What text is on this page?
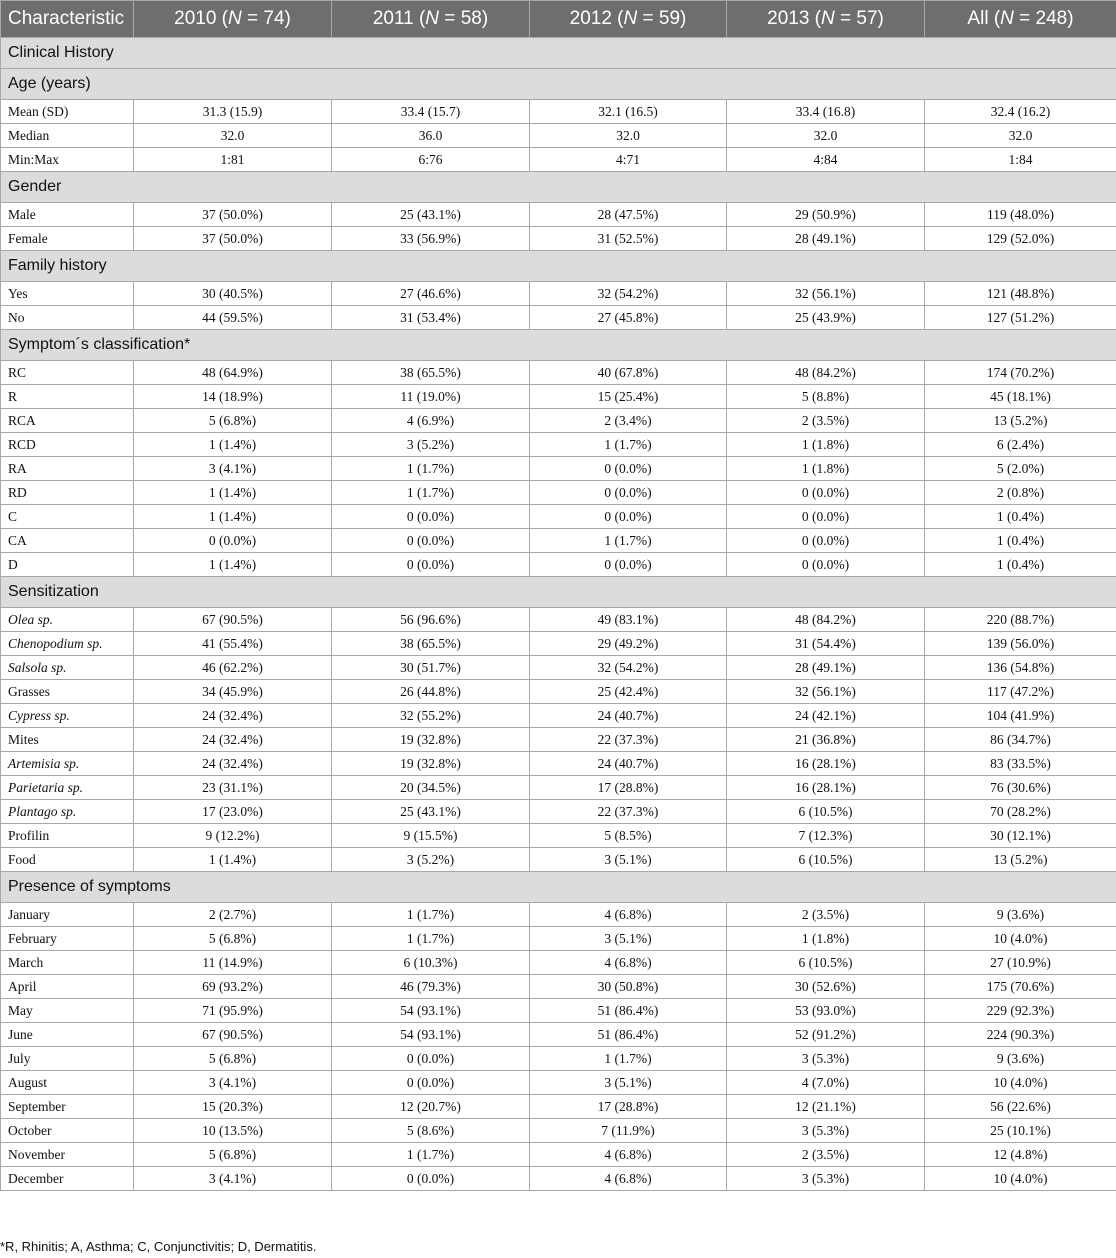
Characteristic	2010 (N = 74)	2011 (N = 58)	2012 (N = 59)	2013 (N = 57)	All (N = 248)
Clinical History					
Age (years)					
Mean (SD)	31.3 (15.9)	33.4 (15.7)	32.1 (16.5)	33.4 (16.8)	32.4 (16.2)
Median	32.0	36.0	32.0	32.0	32.0
Min:Max	1:81	6:76	4:71	4:84	1:84
Gender					
Male	37 (50.0%)	25 (43.1%)	28 (47.5%)	29 (50.9%)	119 (48.0%)
Female	37 (50.0%)	33 (56.9%)	31 (52.5%)	28 (49.1%)	129 (52.0%)
Family history					
Yes	30 (40.5%)	27 (46.6%)	32 (54.2%)	32 (56.1%)	121 (48.8%)
No	44 (59.5%)	31 (53.4%)	27 (45.8%)	25 (43.9%)	127 (51.2%)
Symptom´s classification*					
RC	48 (64.9%)	38 (65.5%)	40 (67.8%)	48 (84.2%)	174 (70.2%)
R	14 (18.9%)	11 (19.0%)	15 (25.4%)	5 (8.8%)	45 (18.1%)
RCA	5 (6.8%)	4 (6.9%)	2 (3.4%)	2 (3.5%)	13 (5.2%)
RCD	1 (1.4%)	3 (5.2%)	1 (1.7%)	1 (1.8%)	6 (2.4%)
RA	3 (4.1%)	1 (1.7%)	0 (0.0%)	1 (1.8%)	5 (2.0%)
RD	1 (1.4%)	1 (1.7%)	0 (0.0%)	0 (0.0%)	2 (0.8%)
C	1 (1.4%)	0 (0.0%)	0 (0.0%)	0 (0.0%)	1 (0.4%)
CA	0 (0.0%)	0 (0.0%)	1 (1.7%)	0 (0.0%)	1 (0.4%)
D	1 (1.4%)	0 (0.0%)	0 (0.0%)	0 (0.0%)	1 (0.4%)
Sensitization					
Olea sp.	67 (90.5%)	56 (96.6%)	49 (83.1%)	48 (84.2%)	220 (88.7%)
Chenopodium sp.	41 (55.4%)	38 (65.5%)	29 (49.2%)	31 (54.4%)	139 (56.0%)
Salsola sp.	46 (62.2%)	30 (51.7%)	32 (54.2%)	28 (49.1%)	136 (54.8%)
Grasses	34 (45.9%)	26 (44.8%)	25 (42.4%)	32 (56.1%)	117 (47.2%)
Cypress sp.	24 (32.4%)	32 (55.2%)	24 (40.7%)	24 (42.1%)	104 (41.9%)
Mites	24 (32.4%)	19 (32.8%)	22 (37.3%)	21 (36.8%)	86 (34.7%)
Artemisia sp.	24 (32.4%)	19 (32.8%)	24 (40.7%)	16 (28.1%)	83 (33.5%)
Parietaria sp.	23 (31.1%)	20 (34.5%)	17 (28.8%)	16 (28.1%)	76 (30.6%)
Plantago sp.	17 (23.0%)	25 (43.1%)	22 (37.3%)	6 (10.5%)	70 (28.2%)
Profilin	9 (12.2%)	9 (15.5%)	5 (8.5%)	7 (12.3%)	30 (12.1%)
Food	1 (1.4%)	3 (5.2%)	3 (5.1%)	6 (10.5%)	13 (5.2%)
Presence of symptoms					
January	2 (2.7%)	1 (1.7%)	4 (6.8%)	2 (3.5%)	9 (3.6%)
February	5 (6.8%)	1 (1.7%)	3 (5.1%)	1 (1.8%)	10 (4.0%)
March	11 (14.9%)	6 (10.3%)	4 (6.8%)	6 (10.5%)	27 (10.9%)
April	69 (93.2%)	46 (79.3%)	30 (50.8%)	30 (52.6%)	175 (70.6%)
May	71 (95.9%)	54 (93.1%)	51 (86.4%)	53 (93.0%)	229 (92.3%)
June	67 (90.5%)	54 (93.1%)	51 (86.4%)	52 (91.2%)	224 (90.3%)
July	5 (6.8%)	0 (0.0%)	1 (1.7%)	3 (5.3%)	9 (3.6%)
August	3 (4.1%)	0 (0.0%)	3 (5.1%)	4 (7.0%)	10 (4.0%)
September	15 (20.3%)	12 (20.7%)	17 (28.8%)	12 (21.1%)	56 (22.6%)
October	10 (13.5%)	5 (8.6%)	7 (11.9%)	3 (5.3%)	25 (10.1%)
November	5 (6.8%)	1 (1.7%)	4 (6.8%)	2 (3.5%)	12 (4.8%)
December	3 (4.1%)	0 (0.0%)	4 (6.8%)	3 (5.3%)	10 (4.0%)
*R, Rhinitis; A, Asthma; C, Conjunctivitis; D, Dermatitis.
